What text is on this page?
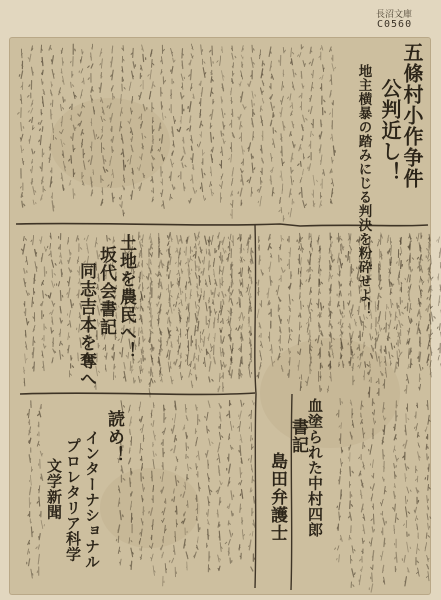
長沼文庫
C0560
五條村小作争件
公判近し！
地主横暴の踏みにじる判決を粉砕せよ！
土地を農民へ！
坂代会書記
同志吉本を奪へ
血塗られた中村四郎
書記
島田弁護士
読め！
インターナショナル
プロレタリア科学
文学新聞
